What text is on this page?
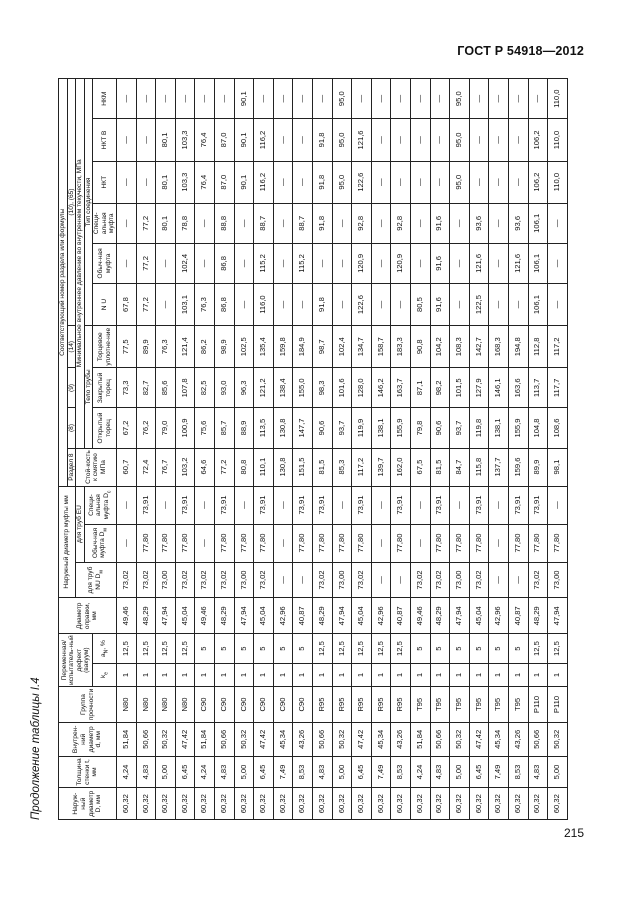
ГОСТ Р 54918—2012
Продолжение таблицы I.4	Наруж-ный диаметр D, мм	Толщина стенки t, мм	Внутрен-ний диаметр d, мм	Группа прочности	Переменная/ испытатель-ный дефект (вакуум)		Диаметр оправки, мм	Наружный диаметр муфты мм			Соответствующий номер раздела или формулы									
										Раздел 8	(8)	(9)	(14)	(10), (65)					
							для труб NU $D_м$	для труб EU		Стой-кость к смятию МПа	Минимальное внутреннее давление во внутреннем текучести, МПа								
								Обыч-ная муфта $D_м$	Специ-альная муфта $D_c$		Тело трубы			Тип соединения					
				$k_e$	$a_N$, %						Открытый торец	Закрытый торец	Торцевое уплотне-ние	N U	Обыч-ная муфта	Специ-альная муфта	НКТ	НКТ В	НКМ
60,32	4,24	51,84	N80	1	12,5	49,46	73,02	—	—	60,7	67,2	73,3	77,5	67,8	—	—	—	—	—
60,32	4,83	50,66	N80	1	12,5	48,29	73,02	77,80	73,91	72,4	76,2	82,7	89,9	77,2	77,2	77,2	—	—	—
60,32	5,00	50,32	N80	1	12,5	47,94	73,00	77,80	—	76,7	79,0	85,6	76,3	—	—	80,1	80,1	80,1	—
60,32	6,45	47,42	N80	1	12,5	45,04	73,02	77,80	73,91	103,2	100,9	107,8	121,4	103,1	102,4	78,8	103,3	103,3	—
60,32	4,24	51,84	C90	1	5	49,46	73,02	—	—	64,6	75,6	82,5	86,2	76,3	—	—	76,4	76,4	—
60,32	4,83	50,66	C90	1	5	48,29	73,02	77,80	73,91	77,2	85,7	93,0	98,9	86,8	86,8	88,8	87,0	87,0	—
60,32	5,00	50,32	C90	1	5	47,94	73,00	77,80	—	80,8	88,9	96,3	102,5	—	—	—	90,1	90,1	90,1
60,32	6,45	47,42	C90	1	5	45,04	73,02	77,80	73,91	110,1	113,5	121,2	135,4	116,0	115,2	88,7	116,2	116,2	—
60,32	7,49	45,34	C90	1	5	42,96	—	—	—	130,8	130,8	138,4	159,8	—	—	—	—	—	—
60,32	8,53	43,26	C90	1	5	40,87	—	77,80	73,91	151,5	147,7	155,0	184,9	—	115,2	88,7	—	—	—
60,32	4,83	50,66	R95	1	12,5	48,29	73,02	77,80	73,91	81,5	90,6	98,3	98,7	91,8	—	91,8	91,8	91,8	—
60,32	5,00	50,32	R95	1	12,5	47,94	73,00	77,80	—	85,3	93,7	101,6	102,4	—	—	—	95,0	95,0	95,0
60,32	6,45	47,42	R95	1	12,5	45,04	73,02	77,80	73,91	117,2	119,9	128,0	134,7	122,6	120,9	92,8	122,6	121,6	—
60,32	7,49	45,34	R95	1	12,5	42,96	—	—	—	139,7	138,1	146,2	158,7	—	—	—	—	—	—
60,32	8,53	43,26	R95	1	12,5	40,87	—	77,80	73,91	162,0	155,9	163,7	183,3	—	120,9	92,8	—	—	—
60,32	4,24	51,84	T95	1	5	49,46	73,02	—	—	67,5	79,8	87,1	90,8	80,5	—	—	—	—	—
60,32	4,83	50,66	T95	1	5	48,29	73,02	77,80	73,91	81,5	90,6	98,2	104,2	91,6	91,6	91,6	—	—	—
60,32	5,00	50,32	T95	1	5	47,94	73,00	77,80	—	84,7	93,7	101,5	108,3	—	—	—	95,0	95,0	95,0
60,32	6,45	47,42	T95	1	5	45,04	73,02	77,80	73,91	115,8	119,8	127,9	142,7	122,5	121,6	93,6	—	—	—
60,32	7,49	45,34	T95	1	5	42,96	—	—	—	137,7	138,1	146,1	168,3	—	—	—	—	—	—
60,32	8,53	43,26	T95	1	5	40,87	—	77,80	73,91	159,6	155,9	163,6	194,8	—	121,6	93,6	—	—	—
60,32	4,83	50,66	P110	1	12,5	48,29	73,02	77,80	73,91	89,9	104,8	113,7	112,8	106,1	106,1	106,1	106,2	106,2	—
60,32	5,00	50,32	P110	1	12,5	47,94	73,00	77,80	—	98,1	108,6	117,7	117,2	—	—	—	110,0	110,0	110,0
215
